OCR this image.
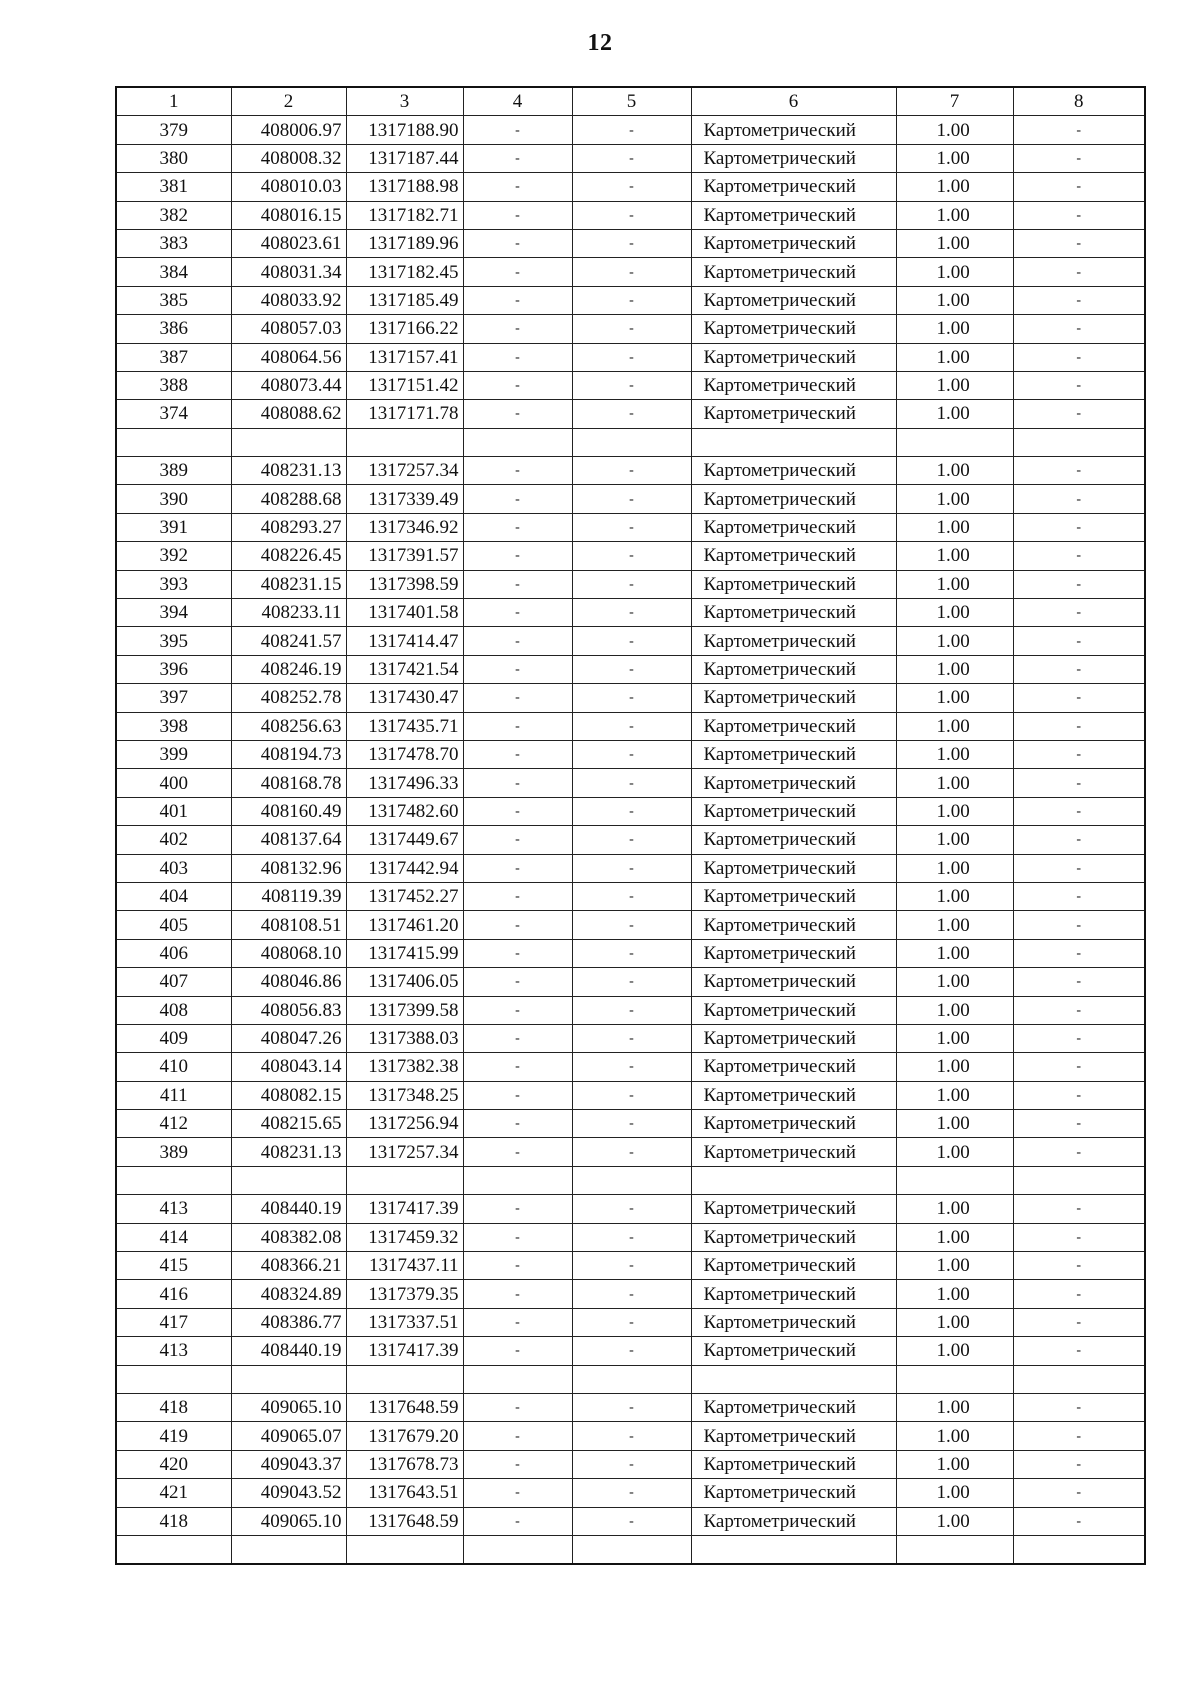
12
1	2	3	4	5	6	7	8
379	408006.97	1317188.90	-	-	Картометрический	1.00	-
380	408008.32	1317187.44	-	-	Картометрический	1.00	-
381	408010.03	1317188.98	-	-	Картометрический	1.00	-
382	408016.15	1317182.71	-	-	Картометрический	1.00	-
383	408023.61	1317189.96	-	-	Картометрический	1.00	-
384	408031.34	1317182.45	-	-	Картометрический	1.00	-
385	408033.92	1317185.49	-	-	Картометрический	1.00	-
386	408057.03	1317166.22	-	-	Картометрический	1.00	-
387	408064.56	1317157.41	-	-	Картометрический	1.00	-
388	408073.44	1317151.42	-	-	Картометрический	1.00	-
374	408088.62	1317171.78	-	-	Картометрический	1.00	-

389	408231.13	1317257.34	-	-	Картометрический	1.00	-
390	408288.68	1317339.49	-	-	Картометрический	1.00	-
391	408293.27	1317346.92	-	-	Картометрический	1.00	-
392	408226.45	1317391.57	-	-	Картометрический	1.00	-
393	408231.15	1317398.59	-	-	Картометрический	1.00	-
394	408233.11	1317401.58	-	-	Картометрический	1.00	-
395	408241.57	1317414.47	-	-	Картометрический	1.00	-
396	408246.19	1317421.54	-	-	Картометрический	1.00	-
397	408252.78	1317430.47	-	-	Картометрический	1.00	-
398	408256.63	1317435.71	-	-	Картометрический	1.00	-
399	408194.73	1317478.70	-	-	Картометрический	1.00	-
400	408168.78	1317496.33	-	-	Картометрический	1.00	-
401	408160.49	1317482.60	-	-	Картометрический	1.00	-
402	408137.64	1317449.67	-	-	Картометрический	1.00	-
403	408132.96	1317442.94	-	-	Картометрический	1.00	-
404	408119.39	1317452.27	-	-	Картометрический	1.00	-
405	408108.51	1317461.20	-	-	Картометрический	1.00	-
406	408068.10	1317415.99	-	-	Картометрический	1.00	-
407	408046.86	1317406.05	-	-	Картометрический	1.00	-
408	408056.83	1317399.58	-	-	Картометрический	1.00	-
409	408047.26	1317388.03	-	-	Картометрический	1.00	-
410	408043.14	1317382.38	-	-	Картометрический	1.00	-
411	408082.15	1317348.25	-	-	Картометрический	1.00	-
412	408215.65	1317256.94	-	-	Картометрический	1.00	-
389	408231.13	1317257.34	-	-	Картометрический	1.00	-

413	408440.19	1317417.39	-	-	Картометрический	1.00	-
414	408382.08	1317459.32	-	-	Картометрический	1.00	-
415	408366.21	1317437.11	-	-	Картометрический	1.00	-
416	408324.89	1317379.35	-	-	Картометрический	1.00	-
417	408386.77	1317337.51	-	-	Картометрический	1.00	-
413	408440.19	1317417.39	-	-	Картометрический	1.00	-

418	409065.10	1317648.59	-	-	Картометрический	1.00	-
419	409065.07	1317679.20	-	-	Картометрический	1.00	-
420	409043.37	1317678.73	-	-	Картометрический	1.00	-
421	409043.52	1317643.51	-	-	Картометрический	1.00	-
418	409065.10	1317648.59	-	-	Картометрический	1.00	-
